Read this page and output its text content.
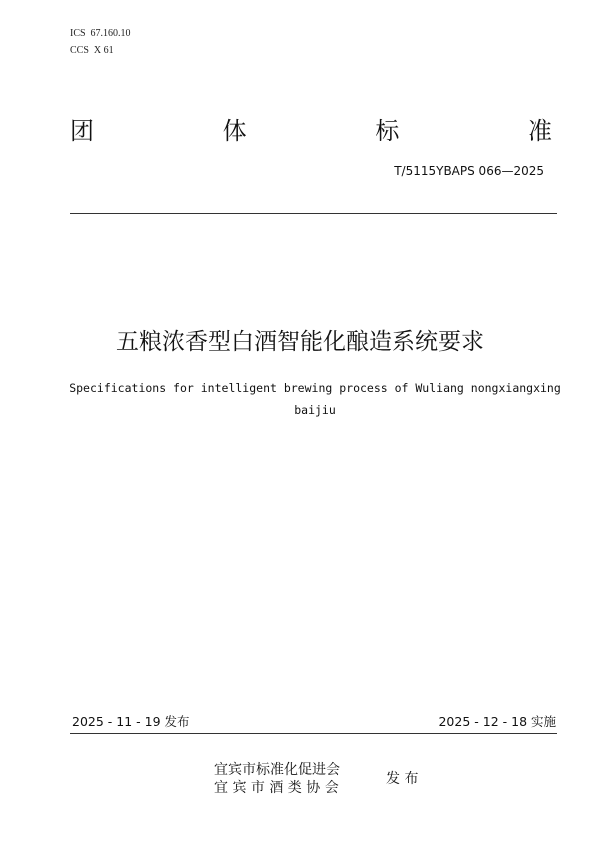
ICS  67.160.10
CCS  X 61
团	体	标	准
T/5115YBAPS 066—2025
五粮浓香型白酒智能化酿造系统要求
Specifications for intelligent brewing process of Wuliang nongxiangxing
baijiu
2025 - 11 - 19 发布	2025 - 12 - 18 实施
宜宾市标准化促进会
宜 宾 市 酒 类 协 会
发 布
